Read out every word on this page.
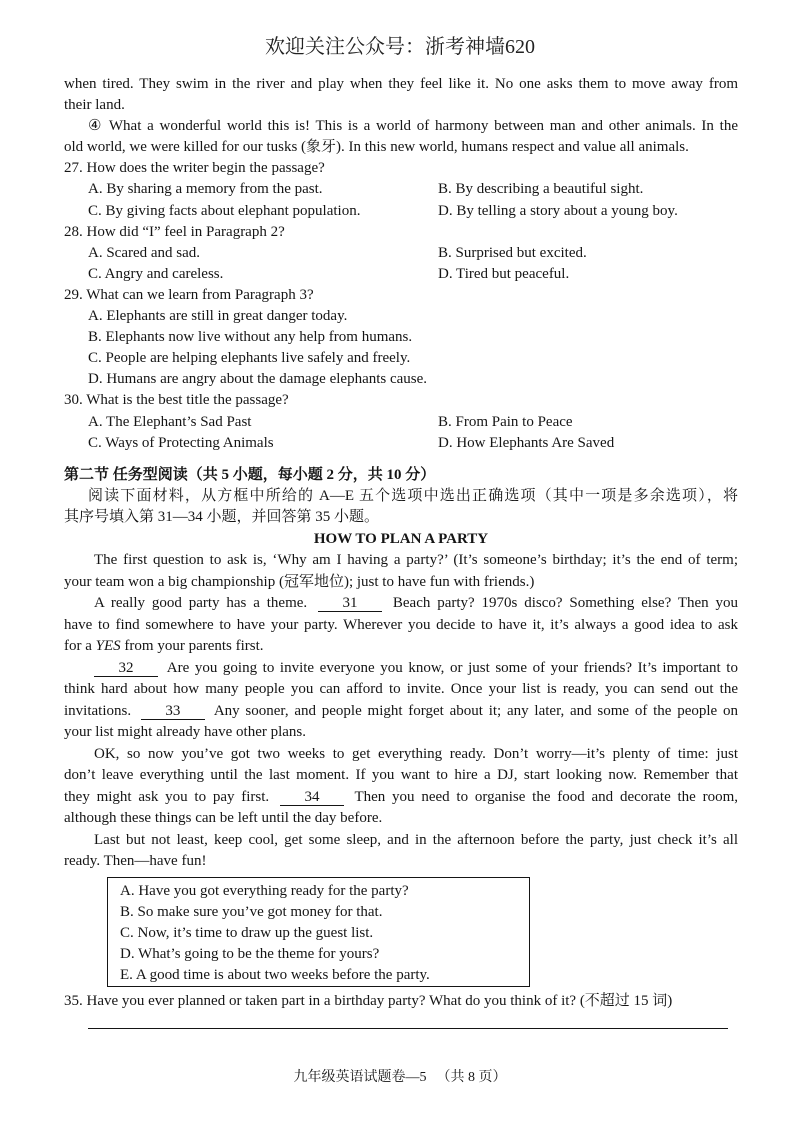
欢迎关注公众号：浙考神墙620
when tired. They swim in the river and play when they feel like it. No one asks them to move away from
their land.
④ What a wonderful world this is! This is a world of harmony between man and other animals. In the
old world, we were killed for our tusks (象牙). In this new world, humans respect and value all animals.
27. How does the writer begin the passage?
A. By sharing a memory from the past.	B. By describing a beautiful sight.
C. By giving facts about elephant population.	D. By telling a story about a young boy.
28. How did “I” feel in Paragraph 2?
A. Scared and sad.	B. Surprised but excited.
C. Angry and careless.	D. Tired but peaceful.
29. What can we learn from Paragraph 3?
A. Elephants are still in great danger today.
B. Elephants now live without any help from humans.
C. People are helping elephants live safely and freely.
D. Humans are angry about the damage elephants cause.
30. What is the best title the passage?
A. The Elephant’s Sad Past	B. From Pain to Peace
C. Ways of Protecting Animals	D. How Elephants Are Saved
第二节 任务型阅读（共 5 小题，每小题 2 分，共 10 分）
阅读下面材料，从方框中所给的 A—E 五个选项中选出正确选项（其中一项是多余选项），将
其序号填入第 31—34 小题，并回答第 35 小题。
HOW TO PLAN A PARTY
The first question to ask is, ‘Why am I having a party?’ (It’s someone’s birthday; it’s the end of term;
your team won a big championship (冠军地位); just to have fun with friends.)
A really good party has a theme. 31 Beach party? 1970s disco? Something else? Then you
have to find somewhere to have your party. Wherever you decide to have it, it’s always a good idea to ask
for a YES from your parents first.
32 Are you going to invite everyone you know, or just some of your friends? It’s important to
think hard about how many people you can afford to invite. Once your list is ready, you can send out the
invitations. 33 Any sooner, and people might forget about it; any later, and some of the people on
your list might already have other plans.
OK, so now you’ve got two weeks to get everything ready. Don’t worry—it’s plenty of time: just
don’t leave everything until the last moment. If you want to hire a DJ, start looking now. Remember that
they might ask you to pay first. 34 Then you need to organise the food and decorate the room,
although these things can be left until the day before.
Last but not least, keep cool, get some sleep, and in the afternoon before the party, just check it’s all
ready. Then—have fun!
A. Have you got everything ready for the party?
B. So make sure you’ve got money for that.
C. Now, it’s time to draw up the guest list.
D. What’s going to be the theme for yours?
E. A good time is about two weeks before the party.
35. Have you ever planned or taken part in a birthday party? What do you think of it? (不超过 15 词)
九年级英语试题卷—5 （共 8 页）
